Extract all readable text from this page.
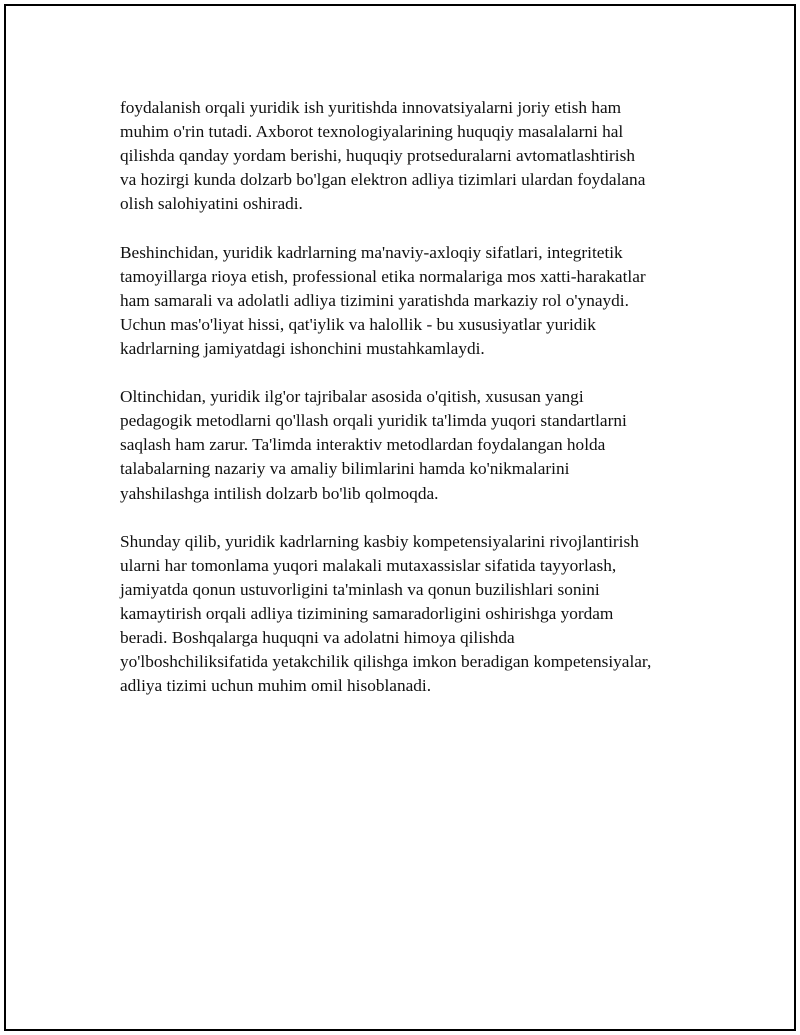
foydalanish orqali yuridik ish yuritishda innovatsiyalarni joriy etish ham
muhim o'rin tutadi. Axborot texnologiyalarining huquqiy masalalarni hal
qilishda qanday yordam berishi, huquqiy protseduralarni avtomatlashtirish
va hozirgi kunda dolzarb bo'lgan elektron adliya tizimlari ulardan foydalana
olish salohiyatini oshiradi.

Beshinchidan, yuridik kadrlarning ma'naviy-axloqiy sifatlari, integritetik
tamoyillarga rioya etish, professional etika normalariga mos xatti-harakatlar
ham samarali va adolatli adliya tizimini yaratishda markaziy rol o'ynaydi.
Uchun mas'o'liyat hissi, qat'iylik va halollik - bu xususiyatlar yuridik
kadrlarning jamiyatdagi ishonchini mustahkamlaydi.

Oltinchidan, yuridik ilg'or tajribalar asosida o'qitish, xususan yangi
pedagogik metodlarni qo'llash orqali yuridik ta'limda yuqori standartlarni
saqlash ham zarur. Ta'limda interaktiv metodlardan foydalangan holda
talabalarning nazariy va amaliy bilimlarini hamda ko'nikmalarini
yahshilashga intilish dolzarb bo'lib qolmoqda.

Shunday qilib, yuridik kadrlarning kasbiy kompetensiyalarini rivojlantirish
ularni har tomonlama yuqori malakali mutaxassislar sifatida tayyorlash,
jamiyatda qonun ustuvorligini ta'minlash va qonun buzilishlari sonini
kamaytirish orqali adliya tizimining samaradorligini oshirishga yordam
beradi. Boshqalarga huquqni va adolatni himoya qilishda
yo'lboshchiliksifatida yetakchilik qilishga imkon beradigan kompetensiyalar,
adliya tizimi uchun muhim omil hisoblanadi.
